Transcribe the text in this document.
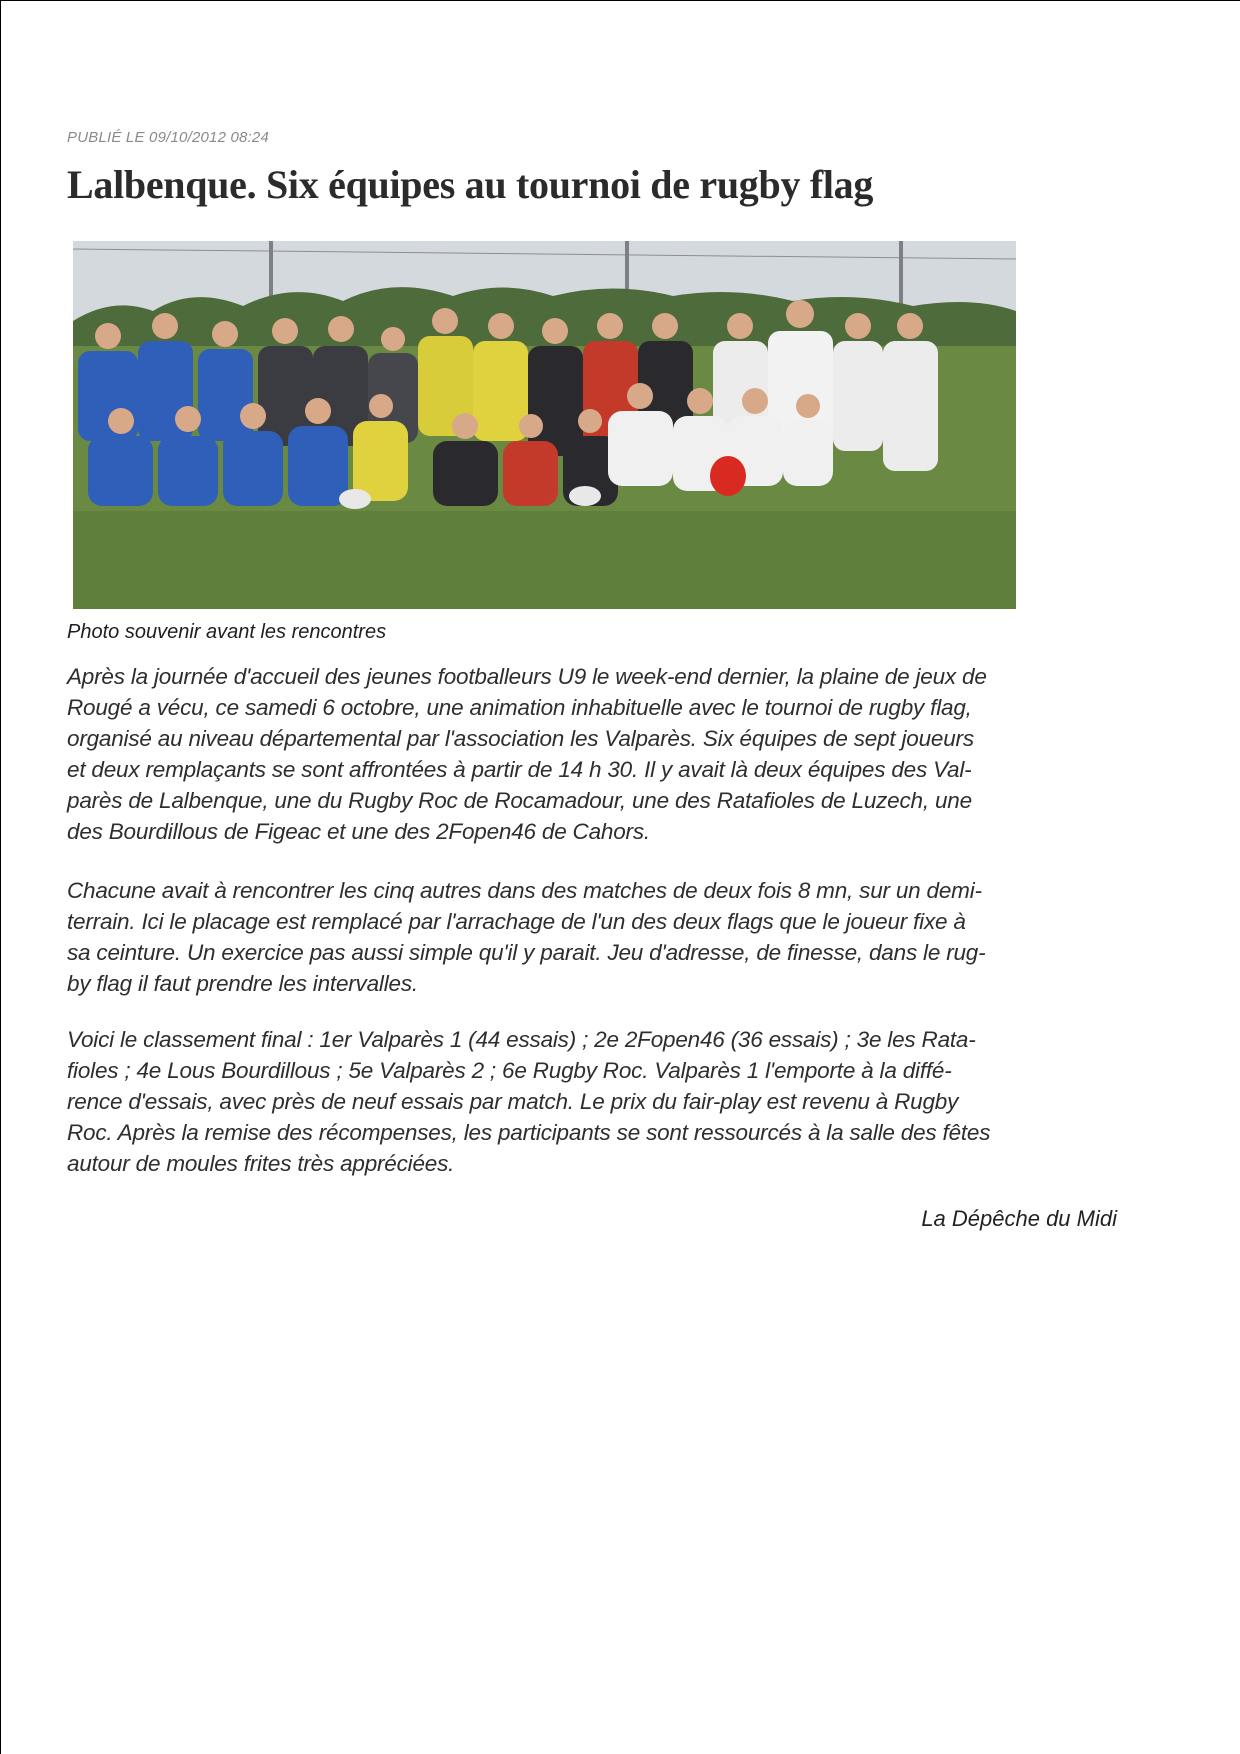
PUBLIÉ LE 09/10/2012 08:24
Lalbenque. Six équipes au tournoi de rugby flag
Photo souvenir avant les rencontres
Après la journée d'accueil des jeunes footballeurs U9 le week-end dernier, la plaine de jeux de
Rougé a vécu, ce samedi 6 octobre, une animation inhabituelle avec le tournoi de rugby flag,
organisé au niveau départemental par l'association les Valparès. Six équipes de sept joueurs
et deux remplaçants se sont affrontées à partir de 14 h 30. Il y avait là deux équipes des Val-
parès de Lalbenque, une du Rugby Roc de Rocamadour, une des Ratafioles de Luzech, une
des Bourdillous de Figeac et une des 2Fopen46 de Cahors.
Chacune avait à rencontrer les cinq autres dans des matches de deux fois 8 mn, sur un demi-
terrain. Ici le placage est remplacé par l'arrachage de l'un des deux flags que le joueur fixe à
sa ceinture. Un exercice pas aussi simple qu'il y parait. Jeu d'adresse, de finesse, dans le rug-
by flag il faut prendre les intervalles.
Voici le classement final : 1er Valparès 1 (44 essais) ; 2e 2Fopen46 (36 essais) ; 3e les Rata-
fioles ; 4e Lous Bourdillous ; 5e Valparès 2 ; 6e Rugby Roc. Valparès 1 l'emporte à la diffé-
rence d'essais, avec près de neuf essais par match. Le prix du fair-play est revenu à Rugby
Roc. Après la remise des récompenses, les participants se sont ressourcés à la salle des fêtes
autour de moules frites très appréciées.
La Dépêche du Midi
